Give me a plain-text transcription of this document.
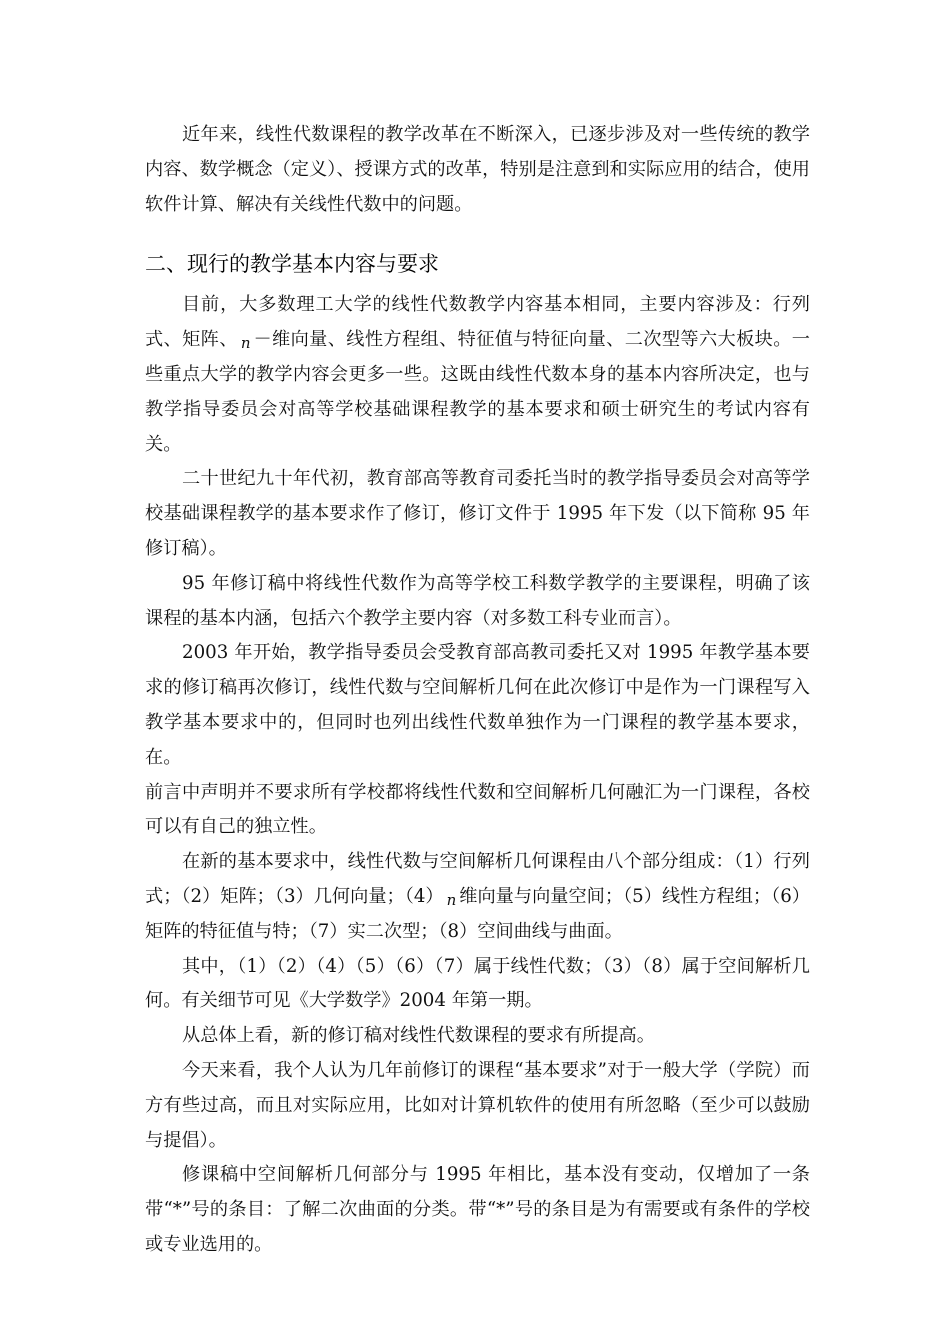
近年来，线性代数课程的教学改革在不断深入，已逐步涉及对一些传统的教学内容、数学概念（定义）、授课方式的改革，特别是注意到和实际应用的结合，使用软件计算、解决有关线性代数中的问题。

二、现行的教学基本内容与要求

目前，大多数理工大学的线性代数教学内容基本相同，主要内容涉及：行列式、矩阵、 n －维向量、线性方程组、特征值与特征向量、二次型等六大板块。一些重点大学的教学内容会更多一些。这既由线性代数本身的基本内容所决定，也与教学指导委员会对高等学校基础课程教学的基本要求和硕士研究生的考试内容有关。

二十世纪九十年代初，教育部高等教育司委托当时的教学指导委员会对高等学校基础课程教学的基本要求作了修订，修订文件于 1995 年下发（以下简称 95 年修订稿）。

95 年修订稿中将线性代数作为高等学校工科数学教学的主要课程，明确了该课程的基本内涵，包括六个教学主要内容（对多数工科专业而言）。

2003 年开始，教学指导委员会受教育部高教司委托又对 1995 年教学基本要求的修订稿再次修订，线性代数与空间解析几何在此次修订中是作为一门课程写入教学基本要求中的，但同时也列出线性代数单独作为一门课程的教学基本要求，在。

前言中声明并不要求所有学校都将线性代数和空间解析几何融汇为一门课程，各校可以有自己的独立性。

在新的基本要求中，线性代数与空间解析几何课程由八个部分组成：（1）行列式；（2）矩阵；（3）几何向量；（4） n 维向量与向量空间；（5）线性方程组；（6）矩阵的特征值与特；（7）实二次型；（8）空间曲线与曲面。

其中，（1）（2）（4）（5）（6）（7）属于线性代数；（3）（8）属于空间解析几何。有关细节可见《大学数学》2004 年第一期。

从总体上看，新的修订稿对线性代数课程的要求有所提高。

今天来看，我个人认为几年前修订的课程“基本要求”对于一般大学（学院）而方有些过高，而且对实际应用，比如对计算机软件的使用有所忽略（至少可以鼓励与提倡）。

修课稿中空间解析几何部分与 1995 年相比，基本没有变动，仅增加了一条带“*”号的条目：了解二次曲面的分类。带“*”号的条目是为有需要或有条件的学校或专业选用的。
